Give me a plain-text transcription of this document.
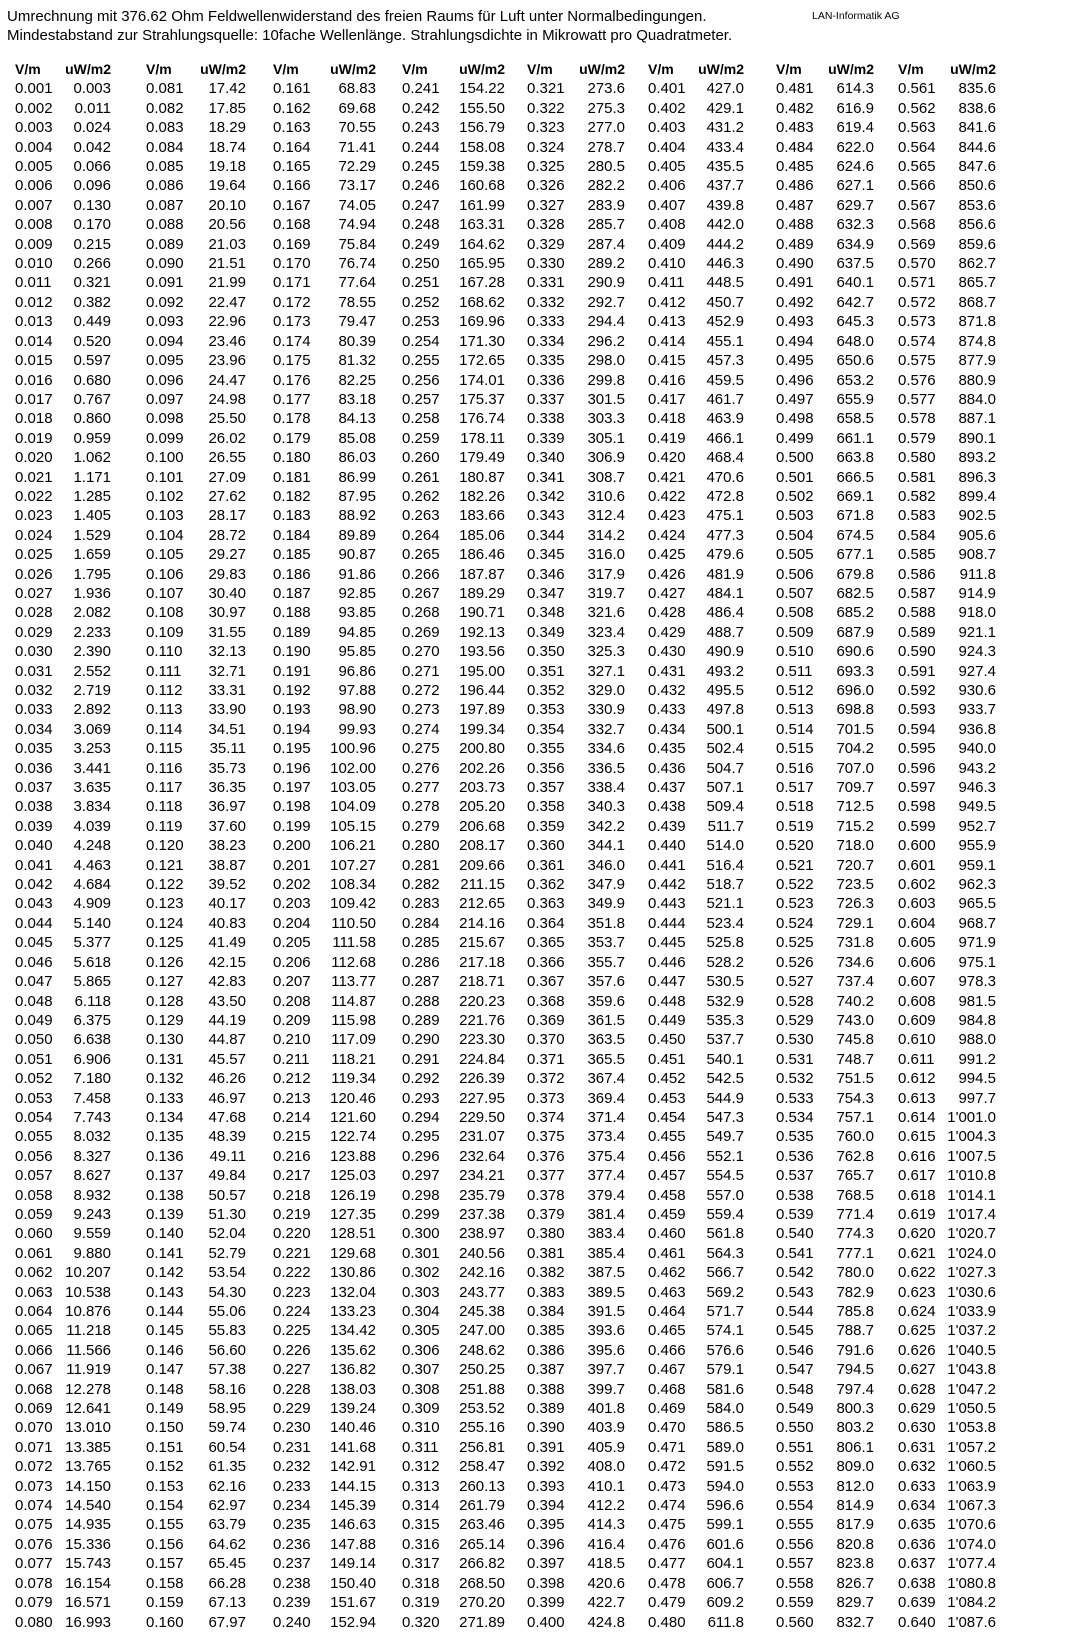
Umrechnung mit 376.62 Ohm Feldwellenwiderstand des freien Raums für Luft unter Normalbedingungen.
Mindestabstand zur Strahlungsquelle: 10fache Wellenlänge. Strahlungsdichte in Mikrowatt pro Quadratmeter.
LAN-Informatik AG
V/m uW/m2
0.001 0.003
0.002 0.011
0.003 0.024
0.004 0.042
0.005 0.066
0.006 0.096
0.007 0.130
0.008 0.170
0.009 0.215
0.010 0.266
0.011 0.321
0.012 0.382
0.013 0.449
0.014 0.520
0.015 0.597
0.016 0.680
0.017 0.767
0.018 0.860
0.019 0.959
0.020 1.062
0.021 1.171
0.022 1.285
0.023 1.405
0.024 1.529
0.025 1.659
0.026 1.795
0.027 1.936
0.028 2.082
0.029 2.233
0.030 2.390
0.031 2.552
0.032 2.719
0.033 2.892
0.034 3.069
0.035 3.253
0.036 3.441
0.037 3.635
0.038 3.834
0.039 4.039
0.040 4.248
0.041 4.463
0.042 4.684
0.043 4.909
0.044 5.140
0.045 5.377
0.046 5.618
0.047 5.865
0.048 6.118
0.049 6.375
0.050 6.638
0.051 6.906
0.052 7.180
0.053 7.458
0.054 7.743
0.055 8.032
0.056 8.327
0.057 8.627
0.058 8.932
0.059 9.243
0.060 9.559
0.061 9.880
0.062 10.207
0.063 10.538
0.064 10.876
0.065 11.218
0.066 11.566
0.067 11.919
0.068 12.278
0.069 12.641
0.070 13.010
0.071 13.385
0.072 13.765
0.073 14.150
0.074 14.540
0.075 14.935
0.076 15.336
0.077 15.743
0.078 16.154
0.079 16.571
0.080 16.993
V/m uW/m2
0.081 17.42
0.082 17.85
0.083 18.29
0.084 18.74
0.085 19.18
0.086 19.64
0.087 20.10
0.088 20.56
0.089 21.03
0.090 21.51
0.091 21.99
0.092 22.47
0.093 22.96
0.094 23.46
0.095 23.96
0.096 24.47
0.097 24.98
0.098 25.50
0.099 26.02
0.100 26.55
0.101 27.09
0.102 27.62
0.103 28.17
0.104 28.72
0.105 29.27
0.106 29.83
0.107 30.40
0.108 30.97
0.109 31.55
0.110 32.13
0.111 32.71
0.112 33.31
0.113 33.90
0.114 34.51
0.115 35.11
0.116 35.73
0.117 36.35
0.118 36.97
0.119 37.60
0.120 38.23
0.121 38.87
0.122 39.52
0.123 40.17
0.124 40.83
0.125 41.49
0.126 42.15
0.127 42.83
0.128 43.50
0.129 44.19
0.130 44.87
0.131 45.57
0.132 46.26
0.133 46.97
0.134 47.68
0.135 48.39
0.136 49.11
0.137 49.84
0.138 50.57
0.139 51.30
0.140 52.04
0.141 52.79
0.142 53.54
0.143 54.30
0.144 55.06
0.145 55.83
0.146 56.60
0.147 57.38
0.148 58.16
0.149 58.95
0.150 59.74
0.151 60.54
0.152 61.35
0.153 62.16
0.154 62.97
0.155 63.79
0.156 64.62
0.157 65.45
0.158 66.28
0.159 67.13
0.160 67.97
V/m uW/m2
0.161 68.83
0.162 69.68
0.163 70.55
0.164 71.41
0.165 72.29
0.166 73.17
0.167 74.05
0.168 74.94
0.169 75.84
0.170 76.74
0.171 77.64
0.172 78.55
0.173 79.47
0.174 80.39
0.175 81.32
0.176 82.25
0.177 83.18
0.178 84.13
0.179 85.08
0.180 86.03
0.181 86.99
0.182 87.95
0.183 88.92
0.184 89.89
0.185 90.87
0.186 91.86
0.187 92.85
0.188 93.85
0.189 94.85
0.190 95.85
0.191 96.86
0.192 97.88
0.193 98.90
0.194 99.93
0.195 100.96
0.196 102.00
0.197 103.05
0.198 104.09
0.199 105.15
0.200 106.21
0.201 107.27
0.202 108.34
0.203 109.42
0.204 110.50
0.205 111.58
0.206 112.68
0.207 113.77
0.208 114.87
0.209 115.98
0.210 117.09
0.211 118.21
0.212 119.34
0.213 120.46
0.214 121.60
0.215 122.74
0.216 123.88
0.217 125.03
0.218 126.19
0.219 127.35
0.220 128.51
0.221 129.68
0.222 130.86
0.223 132.04
0.224 133.23
0.225 134.42
0.226 135.62
0.227 136.82
0.228 138.03
0.229 139.24
0.230 140.46
0.231 141.68
0.232 142.91
0.233 144.15
0.234 145.39
0.235 146.63
0.236 147.88
0.237 149.14
0.238 150.40
0.239 151.67
0.240 152.94
V/m uW/m2
0.241 154.22
0.242 155.50
0.243 156.79
0.244 158.08
0.245 159.38
0.246 160.68
0.247 161.99
0.248 163.31
0.249 164.62
0.250 165.95
0.251 167.28
0.252 168.62
0.253 169.96
0.254 171.30
0.255 172.65
0.256 174.01
0.257 175.37
0.258 176.74
0.259 178.11
0.260 179.49
0.261 180.87
0.262 182.26
0.263 183.66
0.264 185.06
0.265 186.46
0.266 187.87
0.267 189.29
0.268 190.71
0.269 192.13
0.270 193.56
0.271 195.00
0.272 196.44
0.273 197.89
0.274 199.34
0.275 200.80
0.276 202.26
0.277 203.73
0.278 205.20
0.279 206.68
0.280 208.17
0.281 209.66
0.282 211.15
0.283 212.65
0.284 214.16
0.285 215.67
0.286 217.18
0.287 218.71
0.288 220.23
0.289 221.76
0.290 223.30
0.291 224.84
0.292 226.39
0.293 227.95
0.294 229.50
0.295 231.07
0.296 232.64
0.297 234.21
0.298 235.79
0.299 237.38
0.300 238.97
0.301 240.56
0.302 242.16
0.303 243.77
0.304 245.38
0.305 247.00
0.306 248.62
0.307 250.25
0.308 251.88
0.309 253.52
0.310 255.16
0.311 256.81
0.312 258.47
0.313 260.13
0.314 261.79
0.315 263.46
0.316 265.14
0.317 266.82
0.318 268.50
0.319 270.20
0.320 271.89
V/m uW/m2
0.321 273.6
0.322 275.3
0.323 277.0
0.324 278.7
0.325 280.5
0.326 282.2
0.327 283.9
0.328 285.7
0.329 287.4
0.330 289.2
0.331 290.9
0.332 292.7
0.333 294.4
0.334 296.2
0.335 298.0
0.336 299.8
0.337 301.5
0.338 303.3
0.339 305.1
0.340 306.9
0.341 308.7
0.342 310.6
0.343 312.4
0.344 314.2
0.345 316.0
0.346 317.9
0.347 319.7
0.348 321.6
0.349 323.4
0.350 325.3
0.351 327.1
0.352 329.0
0.353 330.9
0.354 332.7
0.355 334.6
0.356 336.5
0.357 338.4
0.358 340.3
0.359 342.2
0.360 344.1
0.361 346.0
0.362 347.9
0.363 349.9
0.364 351.8
0.365 353.7
0.366 355.7
0.367 357.6
0.368 359.6
0.369 361.5
0.370 363.5
0.371 365.5
0.372 367.4
0.373 369.4
0.374 371.4
0.375 373.4
0.376 375.4
0.377 377.4
0.378 379.4
0.379 381.4
0.380 383.4
0.381 385.4
0.382 387.5
0.383 389.5
0.384 391.5
0.385 393.6
0.386 395.6
0.387 397.7
0.388 399.7
0.389 401.8
0.390 403.9
0.391 405.9
0.392 408.0
0.393 410.1
0.394 412.2
0.395 414.3
0.396 416.4
0.397 418.5
0.398 420.6
0.399 422.7
0.400 424.8
V/m uW/m2
0.401 427.0
0.402 429.1
0.403 431.2
0.404 433.4
0.405 435.5
0.406 437.7
0.407 439.8
0.408 442.0
0.409 444.2
0.410 446.3
0.411 448.5
0.412 450.7
0.413 452.9
0.414 455.1
0.415 457.3
0.416 459.5
0.417 461.7
0.418 463.9
0.419 466.1
0.420 468.4
0.421 470.6
0.422 472.8
0.423 475.1
0.424 477.3
0.425 479.6
0.426 481.9
0.427 484.1
0.428 486.4
0.429 488.7
0.430 490.9
0.431 493.2
0.432 495.5
0.433 497.8
0.434 500.1
0.435 502.4
0.436 504.7
0.437 507.1
0.438 509.4
0.439 511.7
0.440 514.0
0.441 516.4
0.442 518.7
0.443 521.1
0.444 523.4
0.445 525.8
0.446 528.2
0.447 530.5
0.448 532.9
0.449 535.3
0.450 537.7
0.451 540.1
0.452 542.5
0.453 544.9
0.454 547.3
0.455 549.7
0.456 552.1
0.457 554.5
0.458 557.0
0.459 559.4
0.460 561.8
0.461 564.3
0.462 566.7
0.463 569.2
0.464 571.7
0.465 574.1
0.466 576.6
0.467 579.1
0.468 581.6
0.469 584.0
0.470 586.5
0.471 589.0
0.472 591.5
0.473 594.0
0.474 596.6
0.475 599.1
0.476 601.6
0.477 604.1
0.478 606.7
0.479 609.2
0.480 611.8
V/m uW/m2
0.481 614.3
0.482 616.9
0.483 619.4
0.484 622.0
0.485 624.6
0.486 627.1
0.487 629.7
0.488 632.3
0.489 634.9
0.490 637.5
0.491 640.1
0.492 642.7
0.493 645.3
0.494 648.0
0.495 650.6
0.496 653.2
0.497 655.9
0.498 658.5
0.499 661.1
0.500 663.8
0.501 666.5
0.502 669.1
0.503 671.8
0.504 674.5
0.505 677.1
0.506 679.8
0.507 682.5
0.508 685.2
0.509 687.9
0.510 690.6
0.511 693.3
0.512 696.0
0.513 698.8
0.514 701.5
0.515 704.2
0.516 707.0
0.517 709.7
0.518 712.5
0.519 715.2
0.520 718.0
0.521 720.7
0.522 723.5
0.523 726.3
0.524 729.1
0.525 731.8
0.526 734.6
0.527 737.4
0.528 740.2
0.529 743.0
0.530 745.8
0.531 748.7
0.532 751.5
0.533 754.3
0.534 757.1
0.535 760.0
0.536 762.8
0.537 765.7
0.538 768.5
0.539 771.4
0.540 774.3
0.541 777.1
0.542 780.0
0.543 782.9
0.544 785.8
0.545 788.7
0.546 791.6
0.547 794.5
0.548 797.4
0.549 800.3
0.550 803.2
0.551 806.1
0.552 809.0
0.553 812.0
0.554 814.9
0.555 817.9
0.556 820.8
0.557 823.8
0.558 826.7
0.559 829.7
0.560 832.7
V/m uW/m2
0.561 835.6
0.562 838.6
0.563 841.6
0.564 844.6
0.565 847.6
0.566 850.6
0.567 853.6
0.568 856.6
0.569 859.6
0.570 862.7
0.571 865.7
0.572 868.7
0.573 871.8
0.574 874.8
0.575 877.9
0.576 880.9
0.577 884.0
0.578 887.1
0.579 890.1
0.580 893.2
0.581 896.3
0.582 899.4
0.583 902.5
0.584 905.6
0.585 908.7
0.586 911.8
0.587 914.9
0.588 918.0
0.589 921.1
0.590 924.3
0.591 927.4
0.592 930.6
0.593 933.7
0.594 936.8
0.595 940.0
0.596 943.2
0.597 946.3
0.598 949.5
0.599 952.7
0.600 955.9
0.601 959.1
0.602 962.3
0.603 965.5
0.604 968.7
0.605 971.9
0.606 975.1
0.607 978.3
0.608 981.5
0.609 984.8
0.610 988.0
0.611 991.2
0.612 994.5
0.613 997.7
0.614 1'001.0
0.615 1'004.3
0.616 1'007.5
0.617 1'010.8
0.618 1'014.1
0.619 1'017.4
0.620 1'020.7
0.621 1'024.0
0.622 1'027.3
0.623 1'030.6
0.624 1'033.9
0.625 1'037.2
0.626 1'040.5
0.627 1'043.8
0.628 1'047.2
0.629 1'050.5
0.630 1'053.8
0.631 1'057.2
0.632 1'060.5
0.633 1'063.9
0.634 1'067.3
0.635 1'070.6
0.636 1'074.0
0.637 1'077.4
0.638 1'080.8
0.639 1'084.2
0.640 1'087.6
